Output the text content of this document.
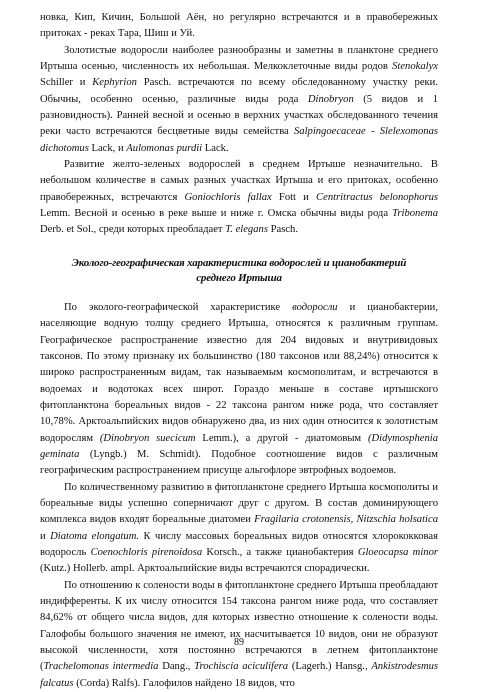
новка, Кип, Кичин, Большой Аён, но регулярно встречаются и в правобережных притоках - реках Тара, Шиш и Уй.

Золотистые водоросли наиболее разнообразны и заметны в планктоне среднего Иртыша осенью, численность их небольшая. Мелкоклеточные виды родов Stenokalyx Schiller и Kephyrion Pasch. встречаются по всему обследованному участку реки. Обычны, особенно осенью, различные виды рода Dinobryon (5 видов и 1 разновидность). Ранней весной и осенью в верхних участках обследованного течения реки часто встречаются бесцветные виды семейства Salpingoecaceae - Slelexomonas dichotomus Lack, и Aulomonas purdii Lack.

Развитие желто-зеленых водорослей в среднем Иртыше незначительно. В небольшом количестве в самых разных участках Иртыша и его притоках, особенно правобережных, встречаются Goniochloris fallax Fott и Centritractus belonophorus Lemm. Весной и осенью в реке выше и ниже г. Омска обычны виды рода Tribonema Derb. et Sol., среди которых преобладает T. elegans Pasch.

Эколого-географическая характеристика водорослей и цианобактерий
среднего Иртыша

По эколого-географической характеристике водоросли и цианобактерии, населяющие водную толщу среднего Иртыша, относятся к различным группам. Географическое распространение известно для 204 видовых и внутривидовых таксонов. По этому признаку их большинство (180 таксонов или 88,24%) относится к широко распространенным видам, так называемым космополитам, и встречаются в водоемах и водотоках всех широт. Гораздо меньше в составе иртышского фитопланктона бореальных видов - 22 таксона рангом ниже рода, что составляет 10,78%. Арктоальпийских видов обнаружено два, из них один относится к золотистым водорослям (Dinobryon suecicum Lemm.), а другой - диатомовым (Didymosphenia geminata (Lyngb.) M. Schmidt). Подобное соотношение видов с различным географическим распространением присуще альгофлоре эвтрофных водоемов.

По количественному развитию в фитопланктоне среднего Иртыша космополиты и бореальные виды успешно соперничают друг с другом. В состав доминирующего комплекса видов входят бореальные диатомеи Fragilaria crotonensis, Nitzschia holsatica и Diatoma elongatum. К числу массовых бореальных видов относятся хлорококковая водоросль Coenochloris pirenoidosa Korsch., а также цианобактерия Gloeocapsa minor (Kutz.) Hollerb. ampl. Арктоальпийские виды встречаются спорадически.

По отношению к солености воды в фитопланктоне среднего Иртыша преобладают индифференты. К их числу относится 154 таксона рангом ниже рода, что составляет 84,62% от общего числа видов, для которых известно отношение к солености воды. Галофобы большого значения не имеют, их насчитывается 10 видов, они не образуют высокой численности, хотя постоянно встречаются в летнем фитопланктоне (Trachelomonas intermedia Dang., Trochiscia aciculifera (Lagerh.) Hansg., Ankistrodesmus falcatus (Corda) Ralfs). Галофилов найдено 18 видов, что

89
